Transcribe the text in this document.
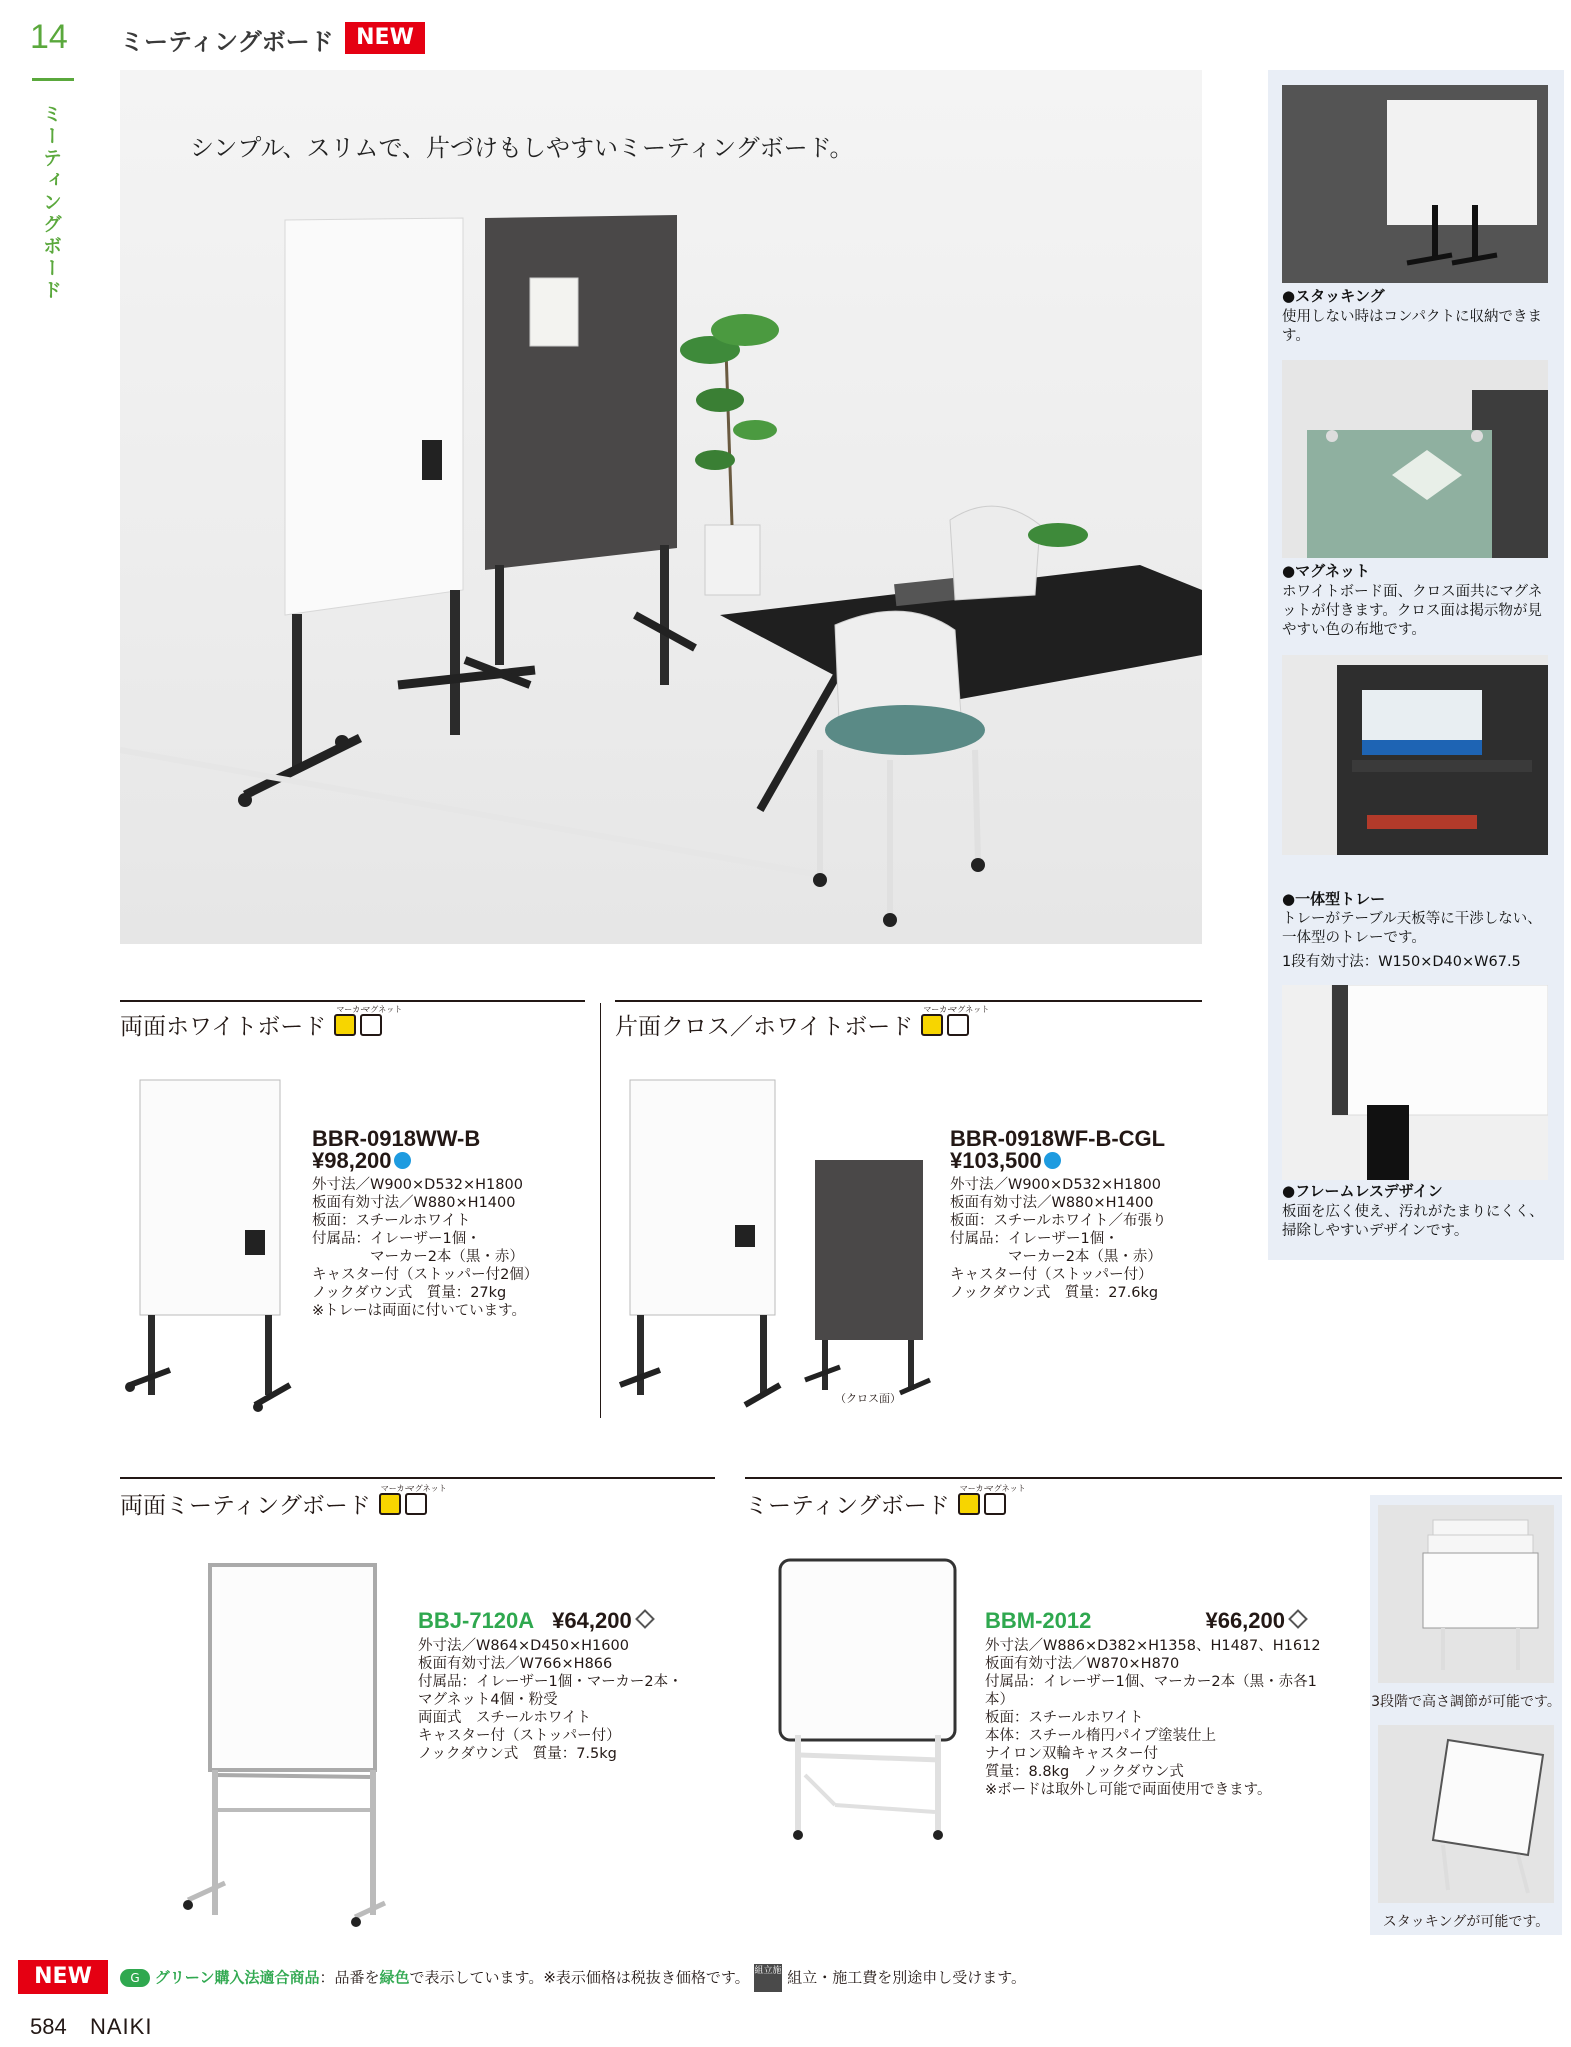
14
ミーティングボード
ミーティングボード	NEW
シンプル、スリムで、片づけもしやすいミーティングボード。
●スタッキング
使用しない時はコンパクトに収納できます。
●マグネット
ホワイトボード面、クロス面共にマグネットが付きます。クロス面は掲示物が見やすい色の布地です。
●一体型トレー
トレーがテーブル天板等に干渉しない、一体型のトレーです。
1段有効寸法：W150×D40×W67.5
●フレームレスデザイン
板面を広く使え、汚れがたまりにくく、掃除しやすいデザインです。
両面ホワイトボード
マーカー
マグネット
BBR-0918WW-B
¥98,200
外寸法／W900×D532×H1800
板面有効寸法／W880×H1400
板面：スチールホワイト
付属品：イレーザー1個・
　　　　マーカー2本（黒・赤）
キャスター付（ストッパー付2個）
ノックダウン式　質量：27kg
※トレーは両面に付いています。
片面クロス／ホワイトボード
マーカー
マグネット
（クロス面）
BBR-0918WF-B-CGL
¥103,500
外寸法／W900×D532×H1800
板面有効寸法／W880×H1400
板面：スチールホワイト／布張り
付属品：イレーザー1個・
　　　　マーカー2本（黒・赤）
キャスター付（ストッパー付）
ノックダウン式　質量：27.6kg
両面ミーティングボード
マーカー
マグネット
BBJ-7120A ¥64,200
外寸法／W864×D450×H1600
板面有効寸法／W766×H866
付属品：イレーザー1個・マーカー2本・
マグネット4個・粉受
両面式　スチールホワイト
キャスター付（ストッパー付）
ノックダウン式　質量：7.5kg
ミーティングボード
マーカー
マグネット
BBM-2012	¥66,200
外寸法／W886×D382×H1358、H1487、H1612
板面有効寸法／W870×H870
付属品：イレーザー1個、マーカー2本（黒・赤各1本）
板面：スチールホワイト
本体：スチール楕円パイプ塗装仕上
ナイロン双輪キャスター付
質量：8.8kg　ノックダウン式
※ボードは取外し可能で両面使用できます。
3段階で高さ調節が可能です。
スタッキングが可能です。
NEW	G グリーン購入法適合商品：品番を緑色で表示しています。※表示価格は税抜き価格です。 組立施工 組立・施工費を別途申し受けます。
584 NAIKI
